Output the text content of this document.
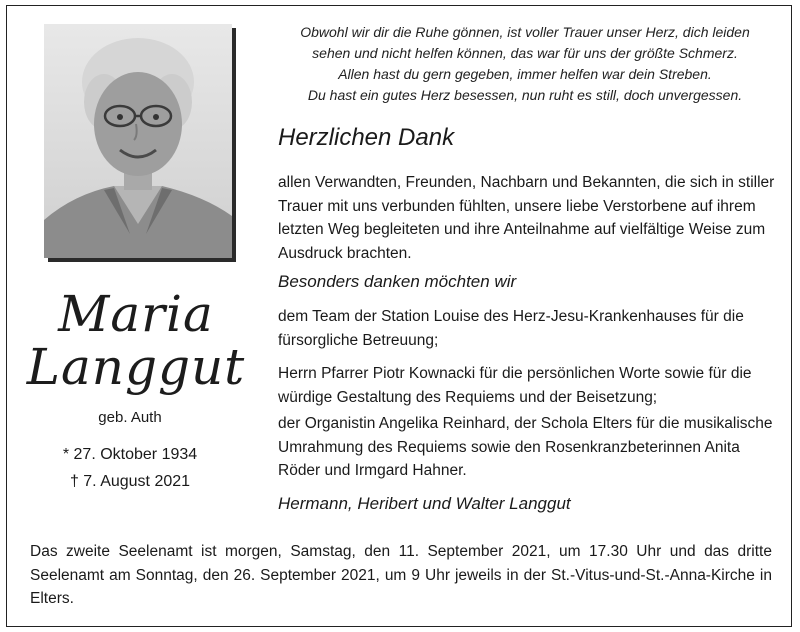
Maria
Langgut
geb. Auth
* 27. Oktober 1934
† 7. August 2021
Obwohl wir dir die Ruhe gönnen, ist voller Trauer unser Herz, dich leiden
sehen und nicht helfen können, das war für uns der größte Schmerz.
Allen hast du gern gegeben, immer helfen war dein Streben.
Du hast ein gutes Herz besessen, nun ruht es still, doch unvergessen.
Herzlichen Dank
allen Verwandten, Freunden, Nachbarn und Bekannten, die sich in stiller Trauer mit uns verbunden fühlten, unsere liebe Verstorbene auf ihrem letzten Weg begleiteten und ihre Anteilnahme auf vielfältige Weise zum Ausdruck brachten.
Besonders danken möchten wir
dem Team der Station Louise des Herz-Jesu-Krankenhauses für die fürsorgliche Betreuung;
Herrn Pfarrer Piotr Kownacki für die persönlichen Worte sowie für die würdige Gestaltung des Requiems und der Beisetzung;
der Organistin Angelika Reinhard, der Schola Elters für die musikalische Umrahmung des Requiems sowie den Rosenkranzbeterinnen Anita Röder und Irmgard Hahner.
Hermann, Heribert und Walter Langgut
Das zweite Seelenamt ist morgen, Samstag, den 11. September 2021, um 17.30 Uhr und das dritte Seelenamt am Sonntag, den 26. September 2021, um 9 Uhr jeweils in der St.-Vitus-und-St.-Anna-Kirche in Elters.
